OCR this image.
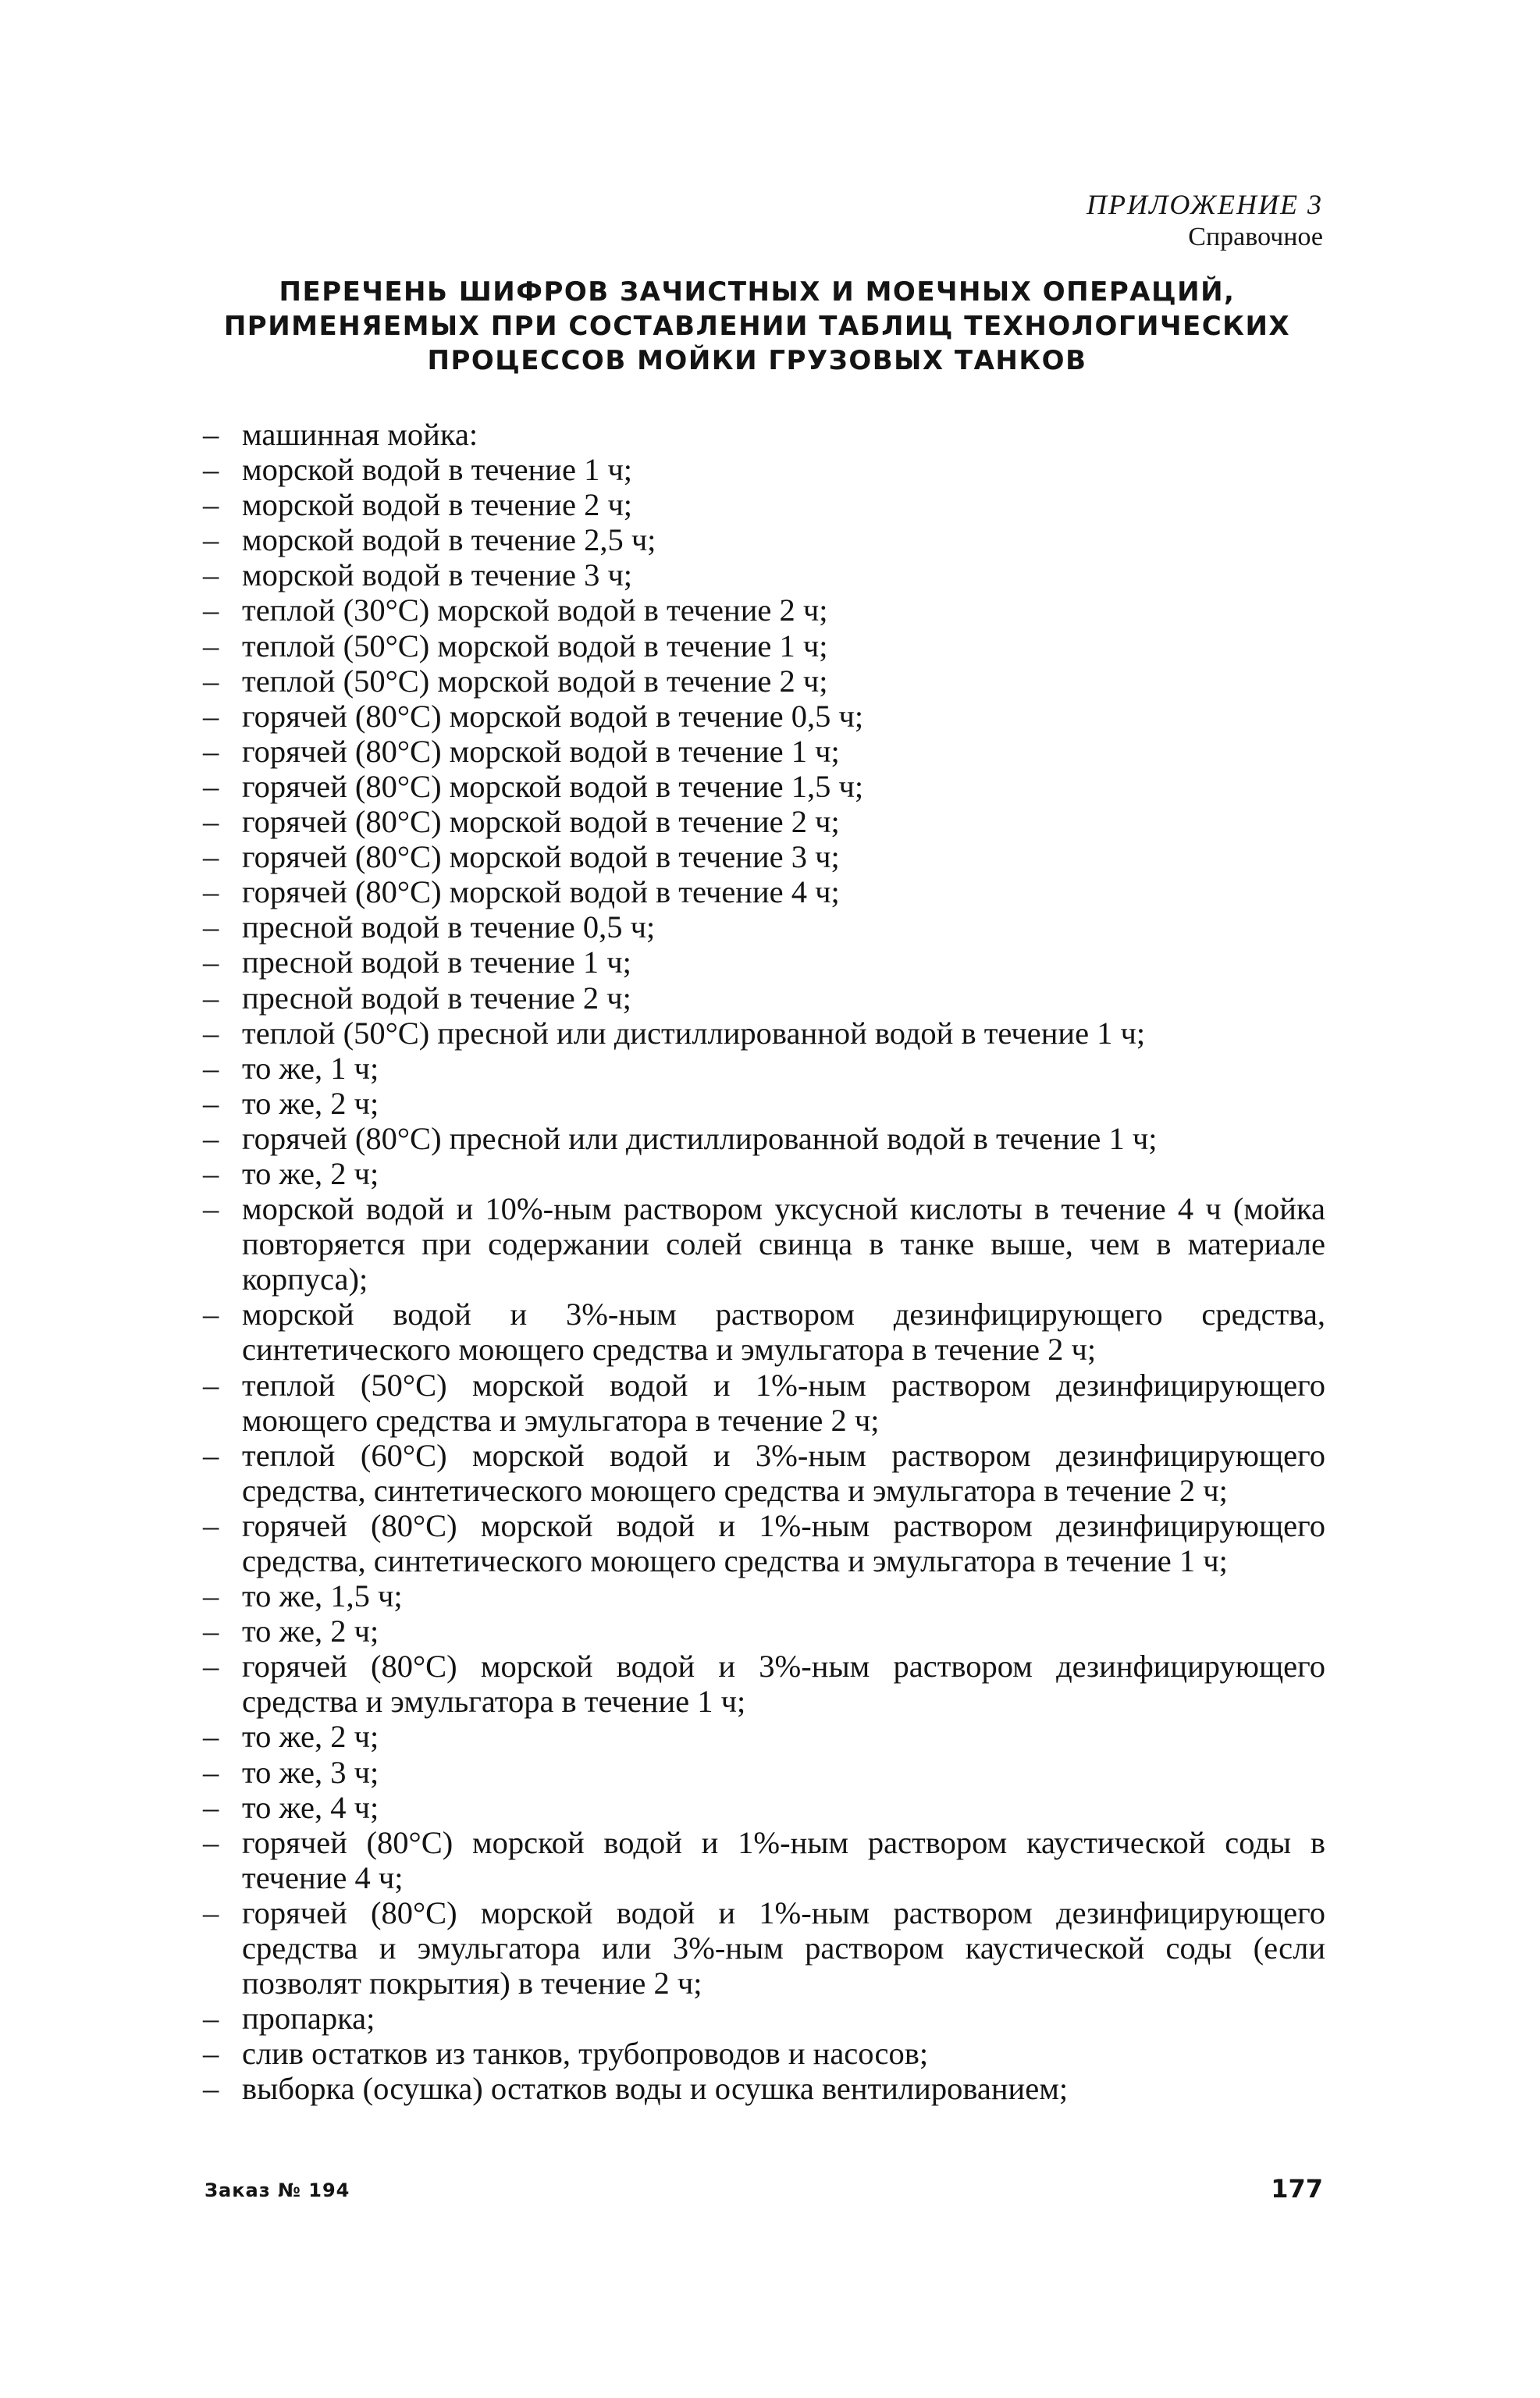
ПРИЛОЖЕНИЕ 3
Справочное
ПЕРЕЧЕНЬ ШИФРОВ ЗАЧИСТНЫХ И МОЕЧНЫХ ОПЕРАЦИЙ,
ПРИМЕНЯЕМЫХ ПРИ СОСТАВЛЕНИИ ТАБЛИЦ ТЕХНОЛОГИЧЕСКИХ
ПРОЦЕССОВ МОЙКИ ГРУЗОВЫХ ТАНКОВ
– машинная мойка:
– морской водой в течение 1 ч;
– морской водой в течение 2 ч;
– морской водой в течение 2,5 ч;
– морской водой в течение 3 ч;
– теплой (30°C) морской водой в течение 2 ч;
– теплой (50°C) морской водой в течение 1 ч;
– теплой (50°C) морской водой в течение 2 ч;
– горячей (80°C) морской водой в течение 0,5 ч;
– горячей (80°C) морской водой в течение 1 ч;
– горячей (80°C) морской водой в течение 1,5 ч;
– горячей (80°C) морской водой в течение 2 ч;
– горячей (80°C) морской водой в течение 3 ч;
– горячей (80°C) морской водой в течение 4 ч;
– пресной водой в течение 0,5 ч;
– пресной водой в течение 1 ч;
– пресной водой в течение 2 ч;
– теплой (50°C) пресной или дистиллированной водой в течение 1 ч;
– то же, 1 ч;
– то же, 2 ч;
– горячей (80°C) пресной или дистиллированной водой в течение 1 ч;
– то же, 2 ч;
– морской водой и 10%-ным раствором уксусной кислоты в течение 4 ч (мойка повторяется при содержании солей свинца в танке выше, чем в материале корпуса);
– морской водой и 3%-ным раствором дезинфицирующего средства, синтетического моющего средства и эмульгатора в течение 2 ч;
– теплой (50°C) морской водой и 1%-ным раствором дезинфицирующего моющего средства и эмульгатора в течение 2 ч;
– теплой (60°C) морской водой и 3%-ным раствором дезинфицирующего средства, синтетического моющего средства и эмульгатора в течение 2 ч;
– горячей (80°C) морской водой и 1%-ным раствором дезинфицирующего средства, синтетического моющего средства и эмульгатора в течение 1 ч;
– то же, 1,5 ч;
– то же, 2 ч;
– горячей (80°C) морской водой и 3%-ным раствором дезинфицирующего средства и эмульгатора в течение 1 ч;
– то же, 2 ч;
– то же, 3 ч;
– то же, 4 ч;
– горячей (80°C) морской водой и 1%-ным раствором каустической соды в течение 4 ч;
– горячей (80°C) морской водой и 1%-ным раствором дезинфицирующего средства и эмульгатора или 3%-ным раствором каустической соды (если позволят покрытия) в течение 2 ч;
– пропарка;
– слив остатков из танков, трубопроводов и насосов;
– выборка (осушка) остатков воды и осушка вентилированием;
Заказ № 194	177
